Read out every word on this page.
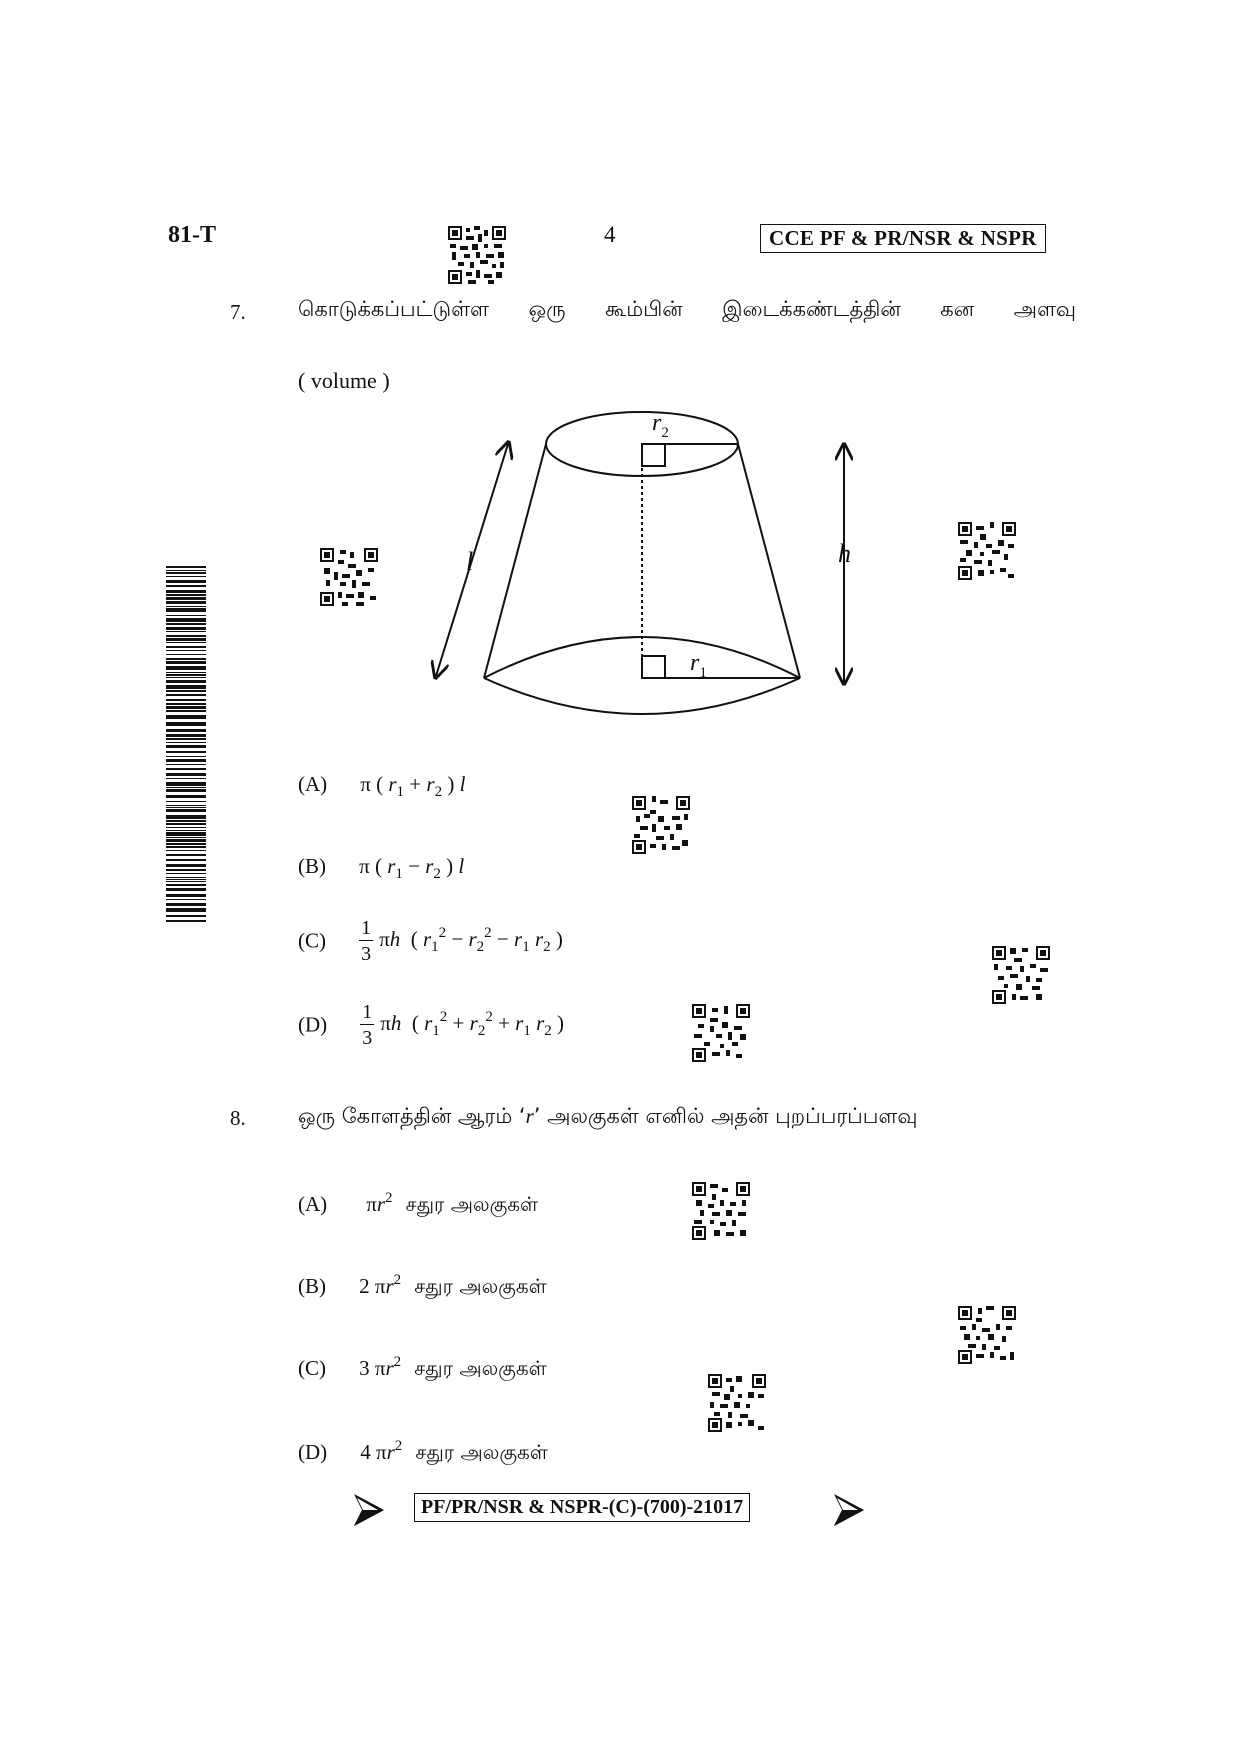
81-T	4	CCE PF & PR/NSR & NSPR
7. கொடுக்கப்பட்டுள்ள ஒரு கூம்பின் இடைக்கண்டத்தின் கன அளவு
( volume )
$r_2$
$r_1$
l	h
(A) π ( $r_1 + r_2$ ) l
(B) π ( $r_1 - r_2$ ) l
$(C) \frac{1}{3}$ πh  ( $r_1^2 - r_2^2 - r_1$ $r_2$ )
$(D) \frac{1}{3}$ πh  ( $r_1^2 + r_2^2 + r_1$ $r_2$ )
8. ஒரு கோளத்தின் ஆரம் ‘r’ அலகுகள் எனில் அதன் புறப்பரப்பளவு
(A) $\pi r^2$ சதுர அலகுகள்
(B) 2 $\pi r^2$ சதுர அலகுகள்
(C) 3 $\pi r^2$ சதுர அலகுகள்
(D) 4 $\pi r^2$ சதுர அலகுகள்
PF/PR/NSR & NSPR-(C)-(700)-21017
